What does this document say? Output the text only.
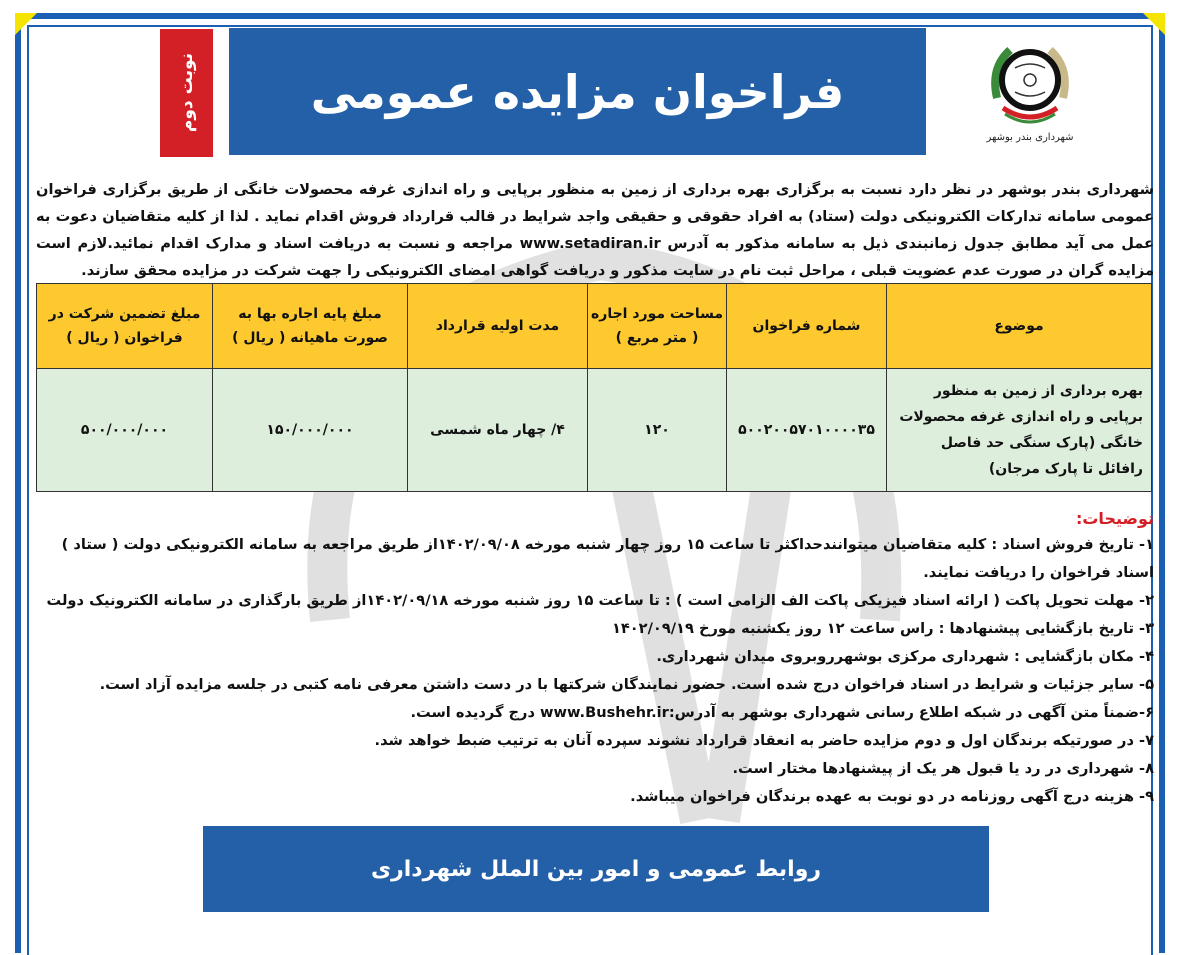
نوبت دوم فراخوان مزایده عمومی
شهرداری بندر بوشهر
شهرداری بندر بوشهر در نظر دارد نسبت به برگزاری بهره برداری از زمین به منظور برپایی و راه اندازی غرفه محصولات خانگی از طریق برگزاری فراخوان عمومی سامانه تدارکات الکترونیکی دولت (ستاد) به افراد حقوقی و حقیقی واجد شرایط در قالب قرارداد فروش اقدام نماید . لذا از کلیه متقاضیان دعوت به عمل می آید مطابق جدول زمانبندی ذیل به سامانه مذکور به آدرس www.setadiran.ir مراجعه و نسبت به دریافت اسناد و مدارک اقدام نمائید.لازم است مزایده گران در صورت عدم عضویت قبلی ، مراحل ثبت نام در سایت مذکور و دریافت گواهی امضای الکترونیکی را جهت شرکت در مزایده محقق سازند.
موضوع	شماره فراخوان	مساحت مورد اجاره ( متر مربع )	مدت اولیه قرارداد	مبلغ پایه اجاره بها به صورت ماهیانه ( ریال )	مبلغ تضمین شرکت در فراخوان ( ریال )
بهره برداری از زمین به منظور برپایی و راه اندازی غرفه محصولات خانگی (پارک سنگی حد فاصل رافائل تا پارک مرجان)	۵۰۰۲۰۰۵۷۰۱۰۰۰۰۳۵	۱۲۰	۴/ چهار ماه شمسی	۱۵۰/۰۰۰/۰۰۰	۵۰۰/۰۰۰/۰۰۰
توضیحات:
۱- تاریخ فروش اسناد : کلیه متقاضیان میتوانندحداکثر تا ساعت ۱۵ روز چهار شنبه مورخه ۱۴۰۲/۰۹/۰۸از طریق مراجعه به سامانه الکترونیکی دولت ( ستاد ) اسناد فراخوان را دریافت نمایند.
۲- مهلت تحویل پاکت ( ارائه اسناد فیزیکی پاکت الف الزامی است ) : تا ساعت ۱۵ روز شنبه مورخه ۱۴۰۲/۰۹/۱۸از طریق بارگذاری در سامانه الکترونیک دولت
۳- تاریخ بازگشایی پیشنهادها : راس ساعت ۱۲ روز یکشنبه مورخ ۱۴۰۲/۰۹/۱۹
۴- مکان بازگشایی : شهرداری مرکزی بوشهرروبروی میدان شهرداری.
۵- سایر جزئیات و شرایط در اسناد فراخوان درج شده است. حضور نمایندگان شرکتها با در دست داشتن معرفی نامه کتبی در جلسه مزایده آزاد است.
۶-ضمناً متن آگهی در شبکه اطلاع رسانی شهرداری بوشهر به آدرس:www.Bushehr.ir درج گردیده است.
۷- در صورتیکه برندگان اول و دوم مزایده حاضر به انعقاد قرارداد نشوند سپرده آنان به ترتیب ضبط خواهد شد.
۸- شهرداری در رد یا قبول هر یک از پیشنهادها مختار است.
۹- هزینه درج آگهی روزنامه در دو نوبت به عهده برندگان فراخوان میباشد.
روابط عمومی و امور بین الملل شهرداری
